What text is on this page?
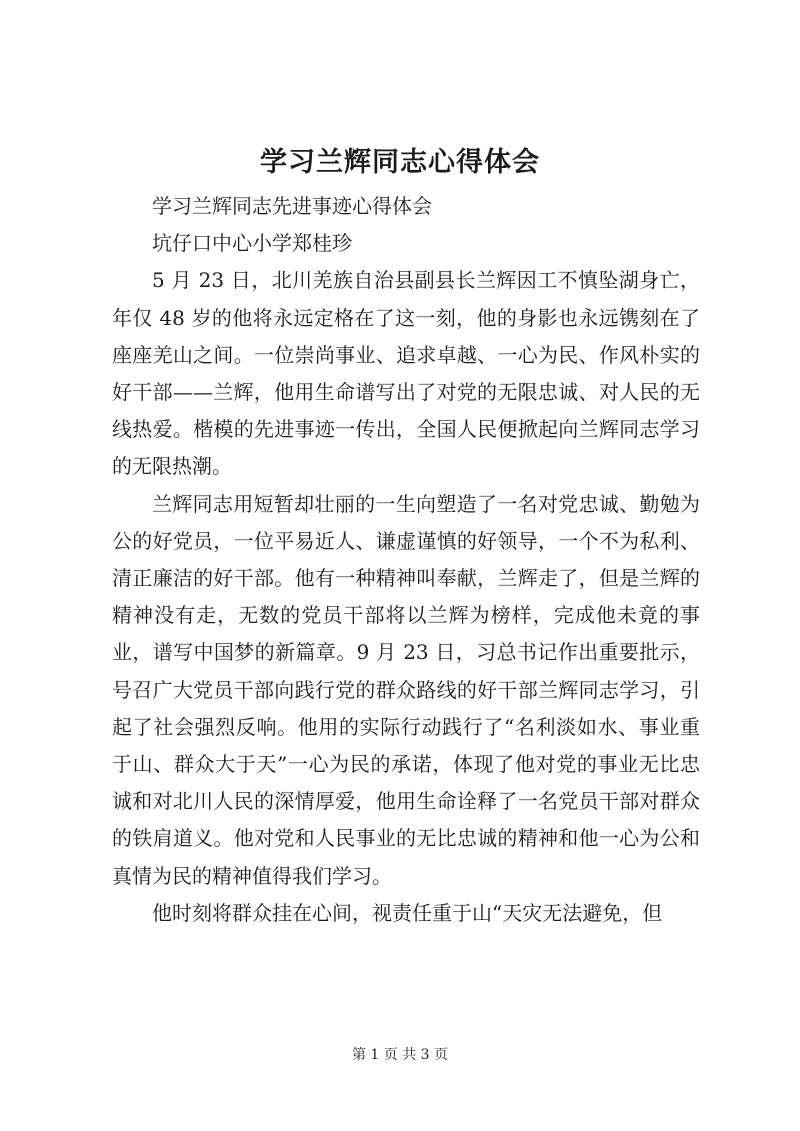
学习兰辉同志心得体会

学习兰辉同志先进事迹心得体会

坑仔口中心小学郑桂珍

5 月 23 日，北川羌族自治县副县长兰辉因工不慎坠湖身亡，年仅 48 岁的他将永远定格在了这一刻，他的身影也永远镌刻在了座座羌山之间。一位崇尚事业、追求卓越、一心为民、作风朴实的好干部——兰辉，他用生命谱写出了对党的无限忠诚、对人民的无线热爱。楷模的先进事迹一传出，全国人民便掀起向兰辉同志学习的无限热潮。

兰辉同志用短暂却壮丽的一生向塑造了一名对党忠诚、勤勉为公的好党员，一位平易近人、谦虚谨慎的好领导，一个不为私利、清正廉洁的好干部。他有一种精神叫奉献，兰辉走了，但是兰辉的精神没有走，无数的党员干部将以兰辉为榜样，完成他未竟的事业，谱写中国梦的新篇章。9 月 23 日，习总书记作出重要批示，号召广大党员干部向践行党的群众路线的好干部兰辉同志学习，引起了社会强烈反响。他用的实际行动践行了“名利淡如水、事业重于山、群众大于天”一心为民的承诺，体现了他对党的事业无比忠诚和对北川人民的深情厚爱，他用生命诠释了一名党员干部对群众的铁肩道义。他对党和人民事业的无比忠诚的精神和他一心为公和真情为民的精神值得我们学习。

他时刻将群众挂在心间，视责任重于山“天灾无法避免，但

第 1 页 共 3 页
